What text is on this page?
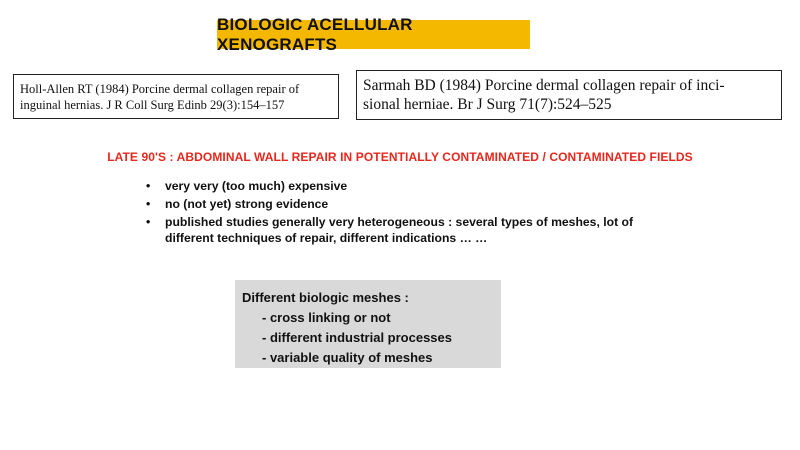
BIOLOGIC ACELLULAR XENOGRAFTS
Holl-Allen RT (1984) Porcine dermal collagen repair of
inguinal hernias. J R Coll Surg Edinb 29(3):154–157
Sarmah BD (1984) Porcine dermal collagen repair of inci-
sional herniae. Br J Surg 71(7):524–525
LATE 90'S : ABDOMINAL WALL REPAIR IN POTENTIALLY CONTAMINATED / CONTAMINATED FIELDS
• very very (too much) expensive
• no (not yet) strong evidence
• published studies generally very heterogeneous : several types of meshes, lot of different techniques of repair, different indications … …
Different biologic meshes :
- cross linking or not
- different industrial processes
- variable quality of meshes
